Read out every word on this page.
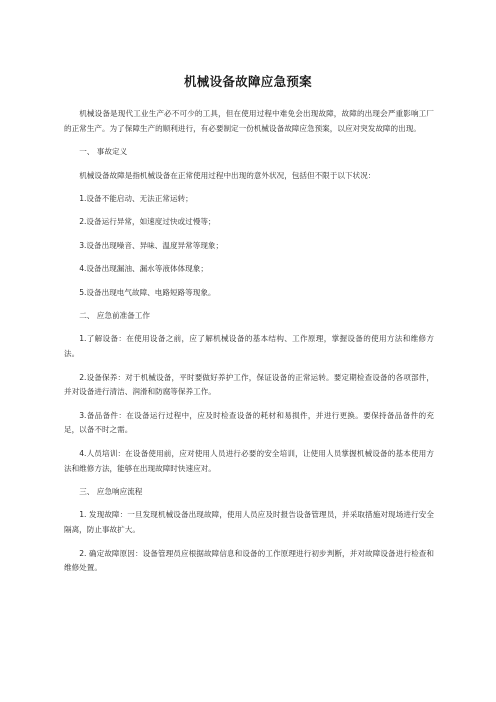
机械设备故障应急预案

机械设备是现代工业生产必不可少的工具，但在使用过程中难免会出现故障，故障的出现会严重影响工厂的正常生产。为了保障生产的顺利进行，有必要制定一份机械设备故障应急预案，以应对突发故障的出现。

一、 事故定义

机械设备故障是指机械设备在正常使用过程中出现的意外状况，包括但不限于以下状况：

1.设备不能启动、无法正常运转；

2.设备运行异常，如速度过快或过慢等；

3.设备出现噪音、异味、温度异常等现象；

4.设备出现漏油、漏水等液体体现象；

5.设备出现电气故障、电路短路等现象。

二、 应急前准备工作

1.了解设备：在使用设备之前，应了解机械设备的基本结构、工作原理，掌握设备的使用方法和维修方法。

2.设备保养：对于机械设备，平时要做好养护工作，保证设备的正常运转。要定期检查设备的各项部件，并对设备进行清洁、润滑和防腐等保养工作。

3.备品备件：在设备运行过程中，应及时检查设备的耗材和易损件，并进行更换。要保持备品备件的充足，以备不时之需。

4.人员培训：在设备使用前，应对使用人员进行必要的安全培训，让使用人员掌握机械设备的基本使用方法和维修方法，能够在出现故障时快速应对。

三、 应急响应流程

1. 发现故障：一旦发现机械设备出现故障，使用人员应及时报告设备管理员，并采取措施对现场进行安全隔离，防止事故扩大。

2. 确定故障原因：设备管理员应根据故障信息和设备的工作原理进行初步判断，并对故障设备进行检查和维修处置。
